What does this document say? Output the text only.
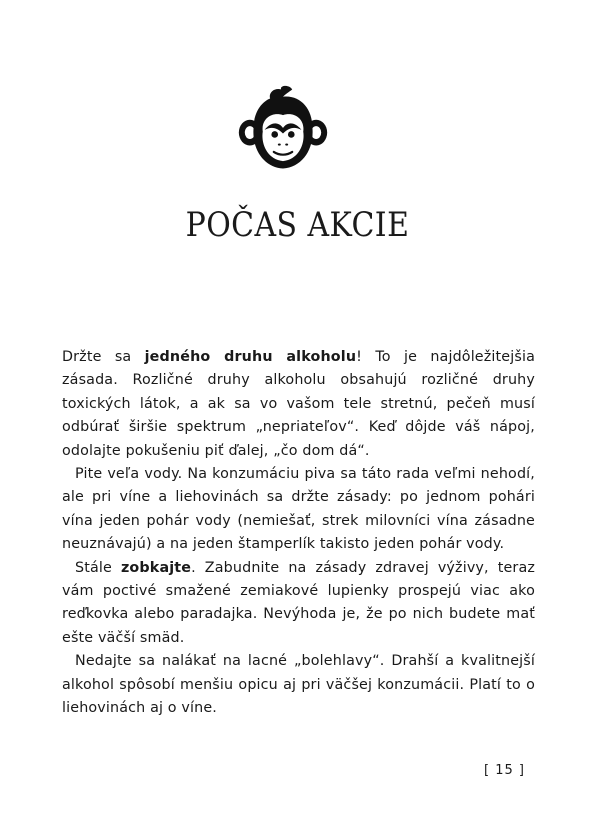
POČAS AKCIE

Držte sa jedného druhu alkoholu! To je najdôležitejšia zásada. Rozličné druhy alkoholu obsahujú rozličné druhy toxických látok, a ak sa vo vašom tele stretnú, pečeň musí odbúrať širšie spektrum „nepriateľov“. Keď dôjde váš nápoj, odolajte pokušeniu piť ďalej, „čo dom dá“.

Pite veľa vody. Na konzumáciu piva sa táto rada veľmi nehodí, ale pri víne a liehovinách sa držte zásady: po jednom pohári vína jeden pohár vody (nemiešať, strek milovníci vína zásadne neuznávajú) a na jeden štamperlík takisto jeden pohár vody.

Stále zobkajte. Zabudnite na zásady zdravej výživy, teraz vám poctivé smažené zemiakové lupienky prospejú viac ako reďkovka alebo paradajka. Nevýhoda je, že po nich budete mať ešte väčší smäd.

Nedajte sa nalákať na lacné „bolehlavy“. Drahší a kvalitnejší alkohol spôsobí menšiu opicu aj pri väčšej konzumácii. Platí to o liehovinách aj o víne.

[ 15 ]
